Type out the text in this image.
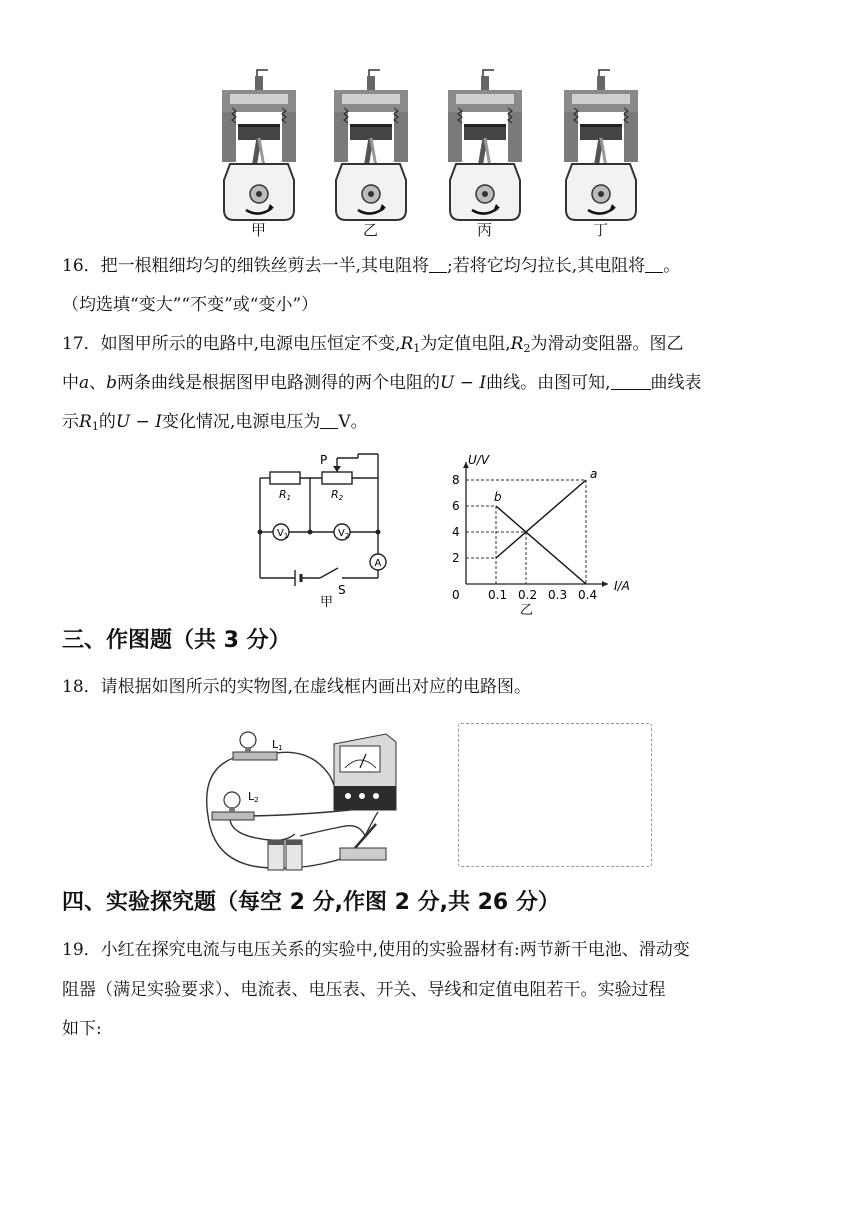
甲	乙	丙	丁
16．把一根粗细均匀的细铁丝剪去一半,其电阻将 ;若将它均匀拉长,其电阻将 。
（均选填“变大”“不变”或“变小”）
17．如图甲所示的电路中,电源电压恒定不变$,R_1$为定值电阻$,R_2$为滑动变阻器。图乙
中a、b两条曲线是根据图甲电路测得的两个电阻的U − I曲线。由图可知, 曲线表
示$R_1$的U − I变化情况,电源电压为 V。
$V_1$	$V_2$
A
P
R1	R2
S
甲
U/V
I/A
0 0.1 0.2 0.3 0.4
2
4
6
8	a
b
乙
三、作图题（共 3 分）
18．请根据如图所示的实物图,在虚线框内画出对应的电路图。
L1
L2
四、实验探究题（每空 2 分,作图 2 分,共 26 分）
19．小红在探究电流与电压关系的实验中,使用的实验器材有:两节新干电池、滑动变
阻器（满足实验要求）、电流表、电压表、开关、导线和定值电阻若干。实验过程
如下:
